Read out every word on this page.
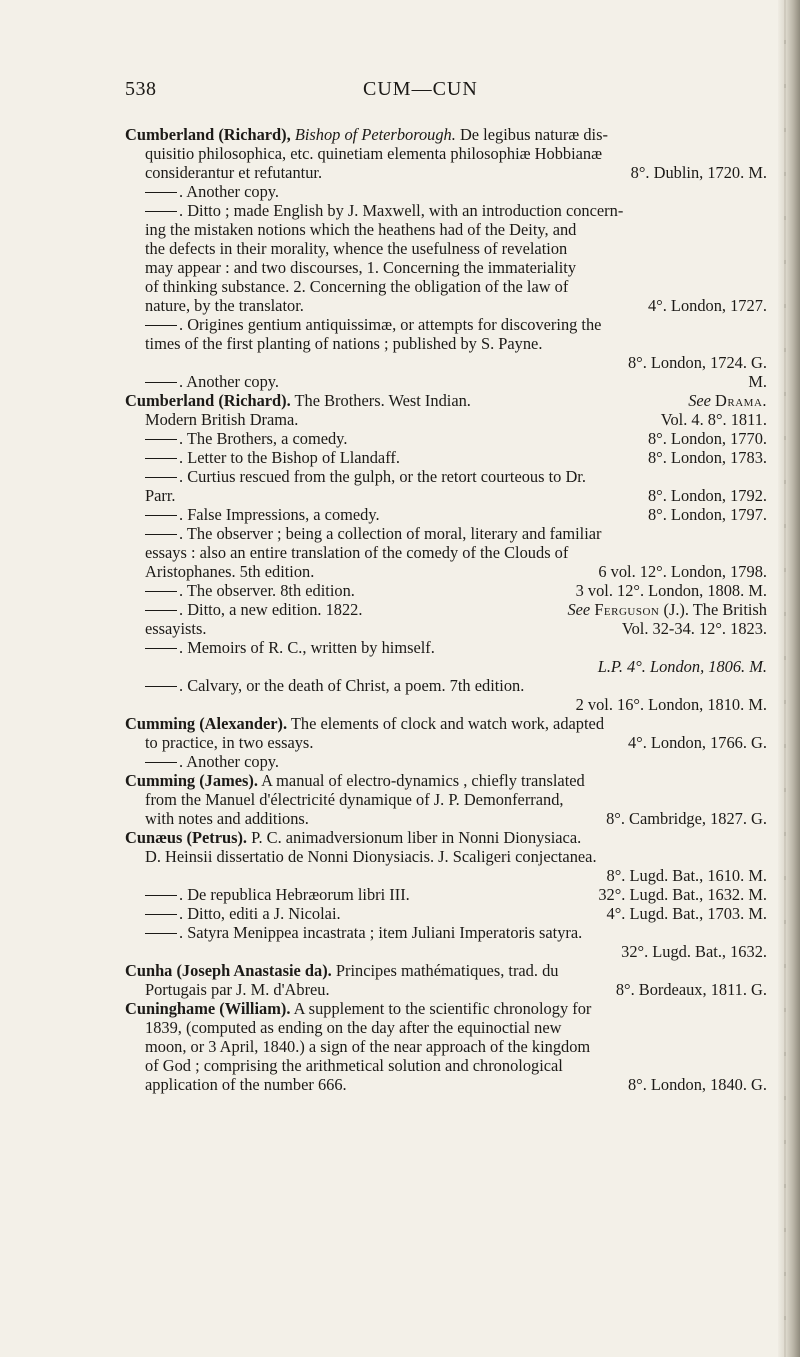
538	CUM—CUN
Cumberland (Richard), Bishop of Peterborough. De legibus naturæ dis-
quisitio philosophica, etc. quinetiam elementa philosophiæ Hobbianæ
considerantur et refutantur.	8°. Dublin, 1720. M.
. Another copy.
. Ditto ; made English by J. Maxwell, with an introduction concern-
ing the mistaken notions which the heathens had of the Deity, and
the defects in their morality, whence the usefulness of revelation
may appear : and two discourses, 1. Concerning the immateriality
of thinking substance. 2. Concerning the obligation of the law of
nature, by the translator.	4°. London, 1727.
. Origines gentium antiquissimæ, or attempts for discovering the
times of the first planting of nations ; published by S. Payne.
8°. London, 1724. G.
. Another copy.	M.
Cumberland (Richard). The Brothers. West Indian.	See Drama.
Modern British Drama.	Vol. 4. 8°. 1811.
. The Brothers, a comedy.	8°. London, 1770.
. Letter to the Bishop of Llandaff.	8°. London, 1783.
. Curtius rescued from the gulph, or the retort courteous to Dr.
Parr.	8°. London, 1792.
. False Impressions, a comedy.	8°. London, 1797.
. The observer ; being a collection of moral, literary and familiar
essays : also an entire translation of the comedy of the Clouds of
Aristophanes. 5th edition.	6 vol. 12°. London, 1798.
. The observer. 8th edition.	3 vol. 12°. London, 1808. M.
. Ditto, a new edition. 1822.	See Ferguson (J.). The British
essayists.	Vol. 32-34. 12°. 1823.
. Memoirs of R. C., written by himself.
L.P. 4°. London, 1806. M.
. Calvary, or the death of Christ, a poem. 7th edition.
2 vol. 16°. London, 1810. M.
Cumming (Alexander). The elements of clock and watch work, adapted
to practice, in two essays.	4°. London, 1766. G.
. Another copy.
Cumming (James). A manual of electro-dynamics , chiefly translated
from the Manuel d'électricité dynamique of J. P. Demonferrand,
with notes and additions.	8°. Cambridge, 1827. G.
Cunæus (Petrus). P. C. animadversionum liber in Nonni Dionysiaca.
D. Heinsii dissertatio de Nonni Dionysiacis. J. Scaligeri conjectanea.
8°. Lugd. Bat., 1610. M.
. De republica Hebræorum libri III.	32°. Lugd. Bat., 1632. M.
. Ditto, editi a J. Nicolai.	4°. Lugd. Bat., 1703. M.
. Satyra Menippea incastrata ; item Juliani Imperatoris satyra.
32°. Lugd. Bat., 1632.
Cunha (Joseph Anastasie da). Principes mathématiques, trad. du
Portugais par J. M. d'Abreu.	8°. Bordeaux, 1811. G.
Cuninghame (William). A supplement to the scientific chronology for
1839, (computed as ending on the day after the equinoctial new
moon, or 3 April, 1840.) a sign of the near approach of the kingdom
of God ; comprising the arithmetical solution and chronological
application of the number 666.	8°. London, 1840. G.
